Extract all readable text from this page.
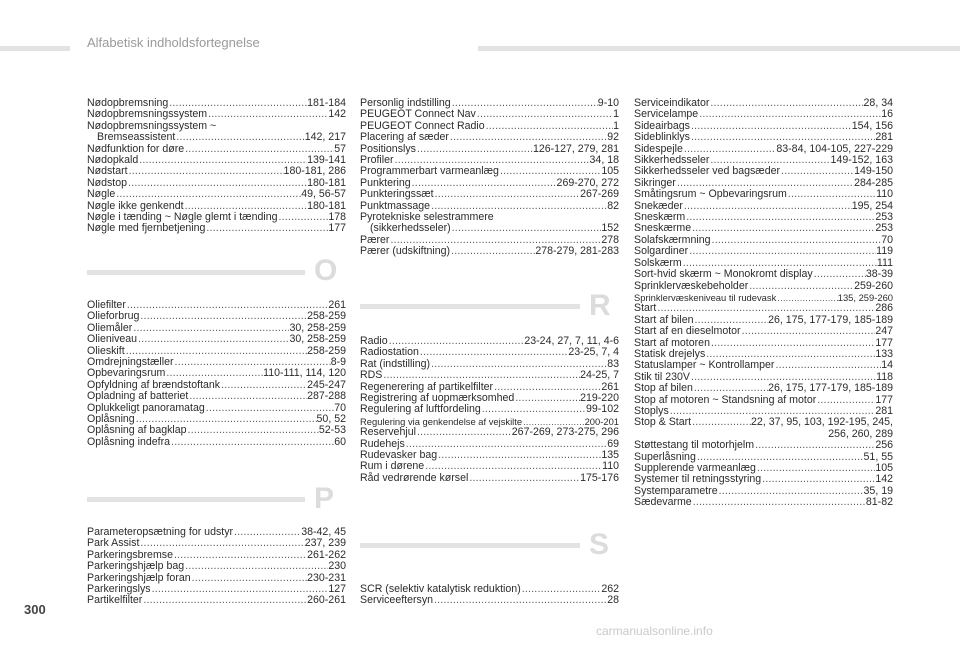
Alfabetisk indholdsfortegnelse
Nødopbremsning .....	181-184
Nødopbremsningssystem .....	142
Nødopbremsningssystem ~
Bremseassistent .....	142, 217
Nødfunktion for døre .....	57
Nødopkald .....	139-141
Nødstart .....	180-181, 286
Nødstop .....	180-181
Nøgle .....	49, 56-57
Nøgle ikke genkendt .....	180-181
Nøgle i tænding ~ Nøgle glemt i tænding .....	178
Nøgle med fjernbetjening .....	177
O
Oliefilter .....	261
Olieforbrug .....	258-259
Oliemåler .....	30, 258-259
Olieniveau .....	30, 258-259
Olieskift .....	258-259
Omdrejningstæller .....	8-9
Opbevaringsrum .....	110-111, 114, 120
Opfyldning af brændstoftank .....	245-247
Opladning af batteriet .....	287-288
Oplukkeligt panoramatag .....	70
Oplåsning .....	50, 52
Oplåsning af bagklap .....	52-53
Oplåsning indefra .....	60
P
Parameteropsætning for udstyr .....	38-42, 45
Park Assist .....	237, 239
Parkeringsbremse .....	261-262
Parkeringshjælp bag .....	230
Parkeringshjælp foran .....	230-231
Parkeringslys .....	127
Partikelfilter .....	260-261
Personlig indstilling .....	9-10
PEUGEOT Connect Nav .....	1
PEUGEOT Connect Radio .....	1
Placering af sæder .....	92
Positionslys .....	126-127, 279, 281
Profiler .....	34, 18
Programmerbart varmeanlæg .....	105
Punktering .....	269-270, 272
Punkteringssæt .....	267-269
Punktmassage .....	82
Pyrotekniske selestrammere
(sikkerhedsseler) .....	152
Pærer .....	278
Pærer (udskiftning) .....	278-279, 281-283
R
Radio .....	23-24, 27, 7, 11, 4-6
Radiostation .....	23-25, 7, 4
Rat (indstilling) .....	83
RDS .....	24-25, 7
Regenerering af partikelfilter .....	261
Registrering af uopmærksomhed .....	219-220
Regulering af luftfordeling .....	99-102
Regulering via genkendelse af vejskilte .....	200-201
Reservehjul .....	267-269, 273-275, 296
Rudehejs .....	69
Rudevasker bag .....	135
Rum i dørene .....	110
Råd vedrørende kørsel .....	175-176
S
SCR (selektiv katalytisk reduktion) .....	262
Serviceeftersyn .....	28
Serviceindikator .....	28, 34
Servicelampe .....	16
Sideairbags .....	154, 156
Sideblinklys .....	281
Sidespejle .....	83-84, 104-105, 227-229
Sikkerhedsseler .....	149-152, 163
Sikkerhedsseler ved bagsæder .....	149-150
Sikringer .....	284-285
Småtingsrum ~ Opbevaringsrum .....	110
Snekæder .....	195, 254
Sneskærm .....	253
Sneskærme .....	253
Solafskærmning .....	70
Solgardiner .....	119
Solskærm .....	111
Sort-hvid skærm ~ Monokromt display .....	38-39
Sprinklervæskebeholder .....	259-260
Sprinklervæskeniveau til rudevask .....	135, 259-260
Start .....	286
Start af bilen .....	26, 175, 177-179, 185-189
Start af en dieselmotor .....	247
Start af motoren .....	177
Statisk drejelys .....	133
Statuslamper ~ Kontrollamper .....	14
Stik til 230V .....	118
Stop af bilen .....	26, 175, 177-179, 185-189
Stop af motoren ~ Standsning af motor .....	177
Stoplys .....	281
Stop & Start .....	22, 37, 95, 103, 192-195, 245,
256, 260, 289
Støttestang til motorhjelm .....	256
Superlåsning .....	51, 55
Supplerende varmeanlæg .....	105
Systemer til retningsstyring .....	142
Systemparametre .....	35, 19
Sædevarme .....	81-82
300
carmanualsonline.info
